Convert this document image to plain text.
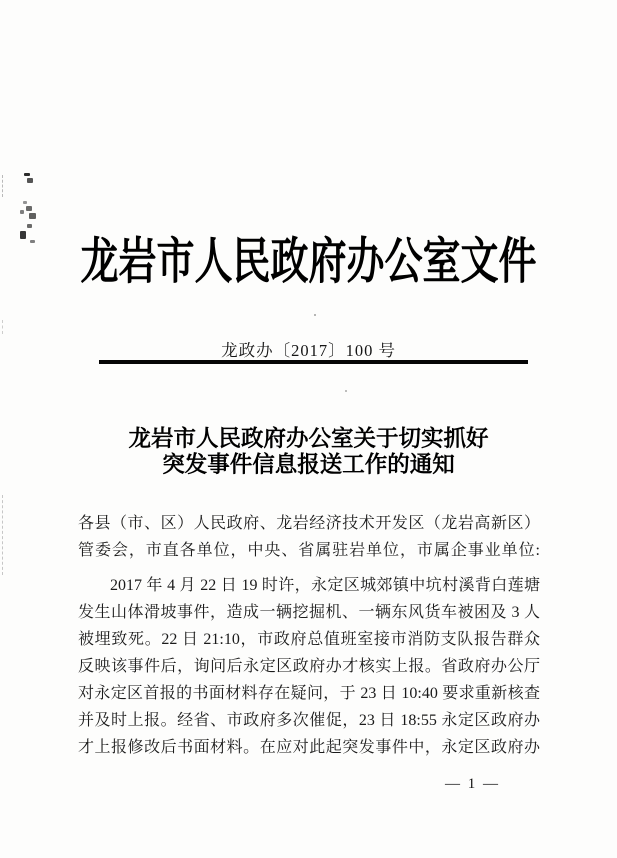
龙岩市人民政府办公室文件
龙政办〔2017〕100 号
龙岩市人民政府办公室关于切实抓好
突发事件信息报送工作的通知
各县（市、区）人民政府、龙岩经济技术开发区（龙岩高新区）
管委会，市直各单位，中央、省属驻岩单位，市属企事业单位:
2017 年 4 月 22 日 19 时许，永定区城郊镇中坑村溪背白莲塘
发生山体滑坡事件，造成一辆挖掘机、一辆东风货车被困及 3 人
被埋致死。22 日 21:10，市政府总值班室接市消防支队报告群众
反映该事件后，询问后永定区政府办才核实上报。省政府办公厅
对永定区首报的书面材料存在疑问，于 23 日 10:40 要求重新核查
并及时上报。经省、市政府多次催促，23 日 18:55 永定区政府办
才上报修改后书面材料。在应对此起突发事件中，永定区政府办
— 1 —
